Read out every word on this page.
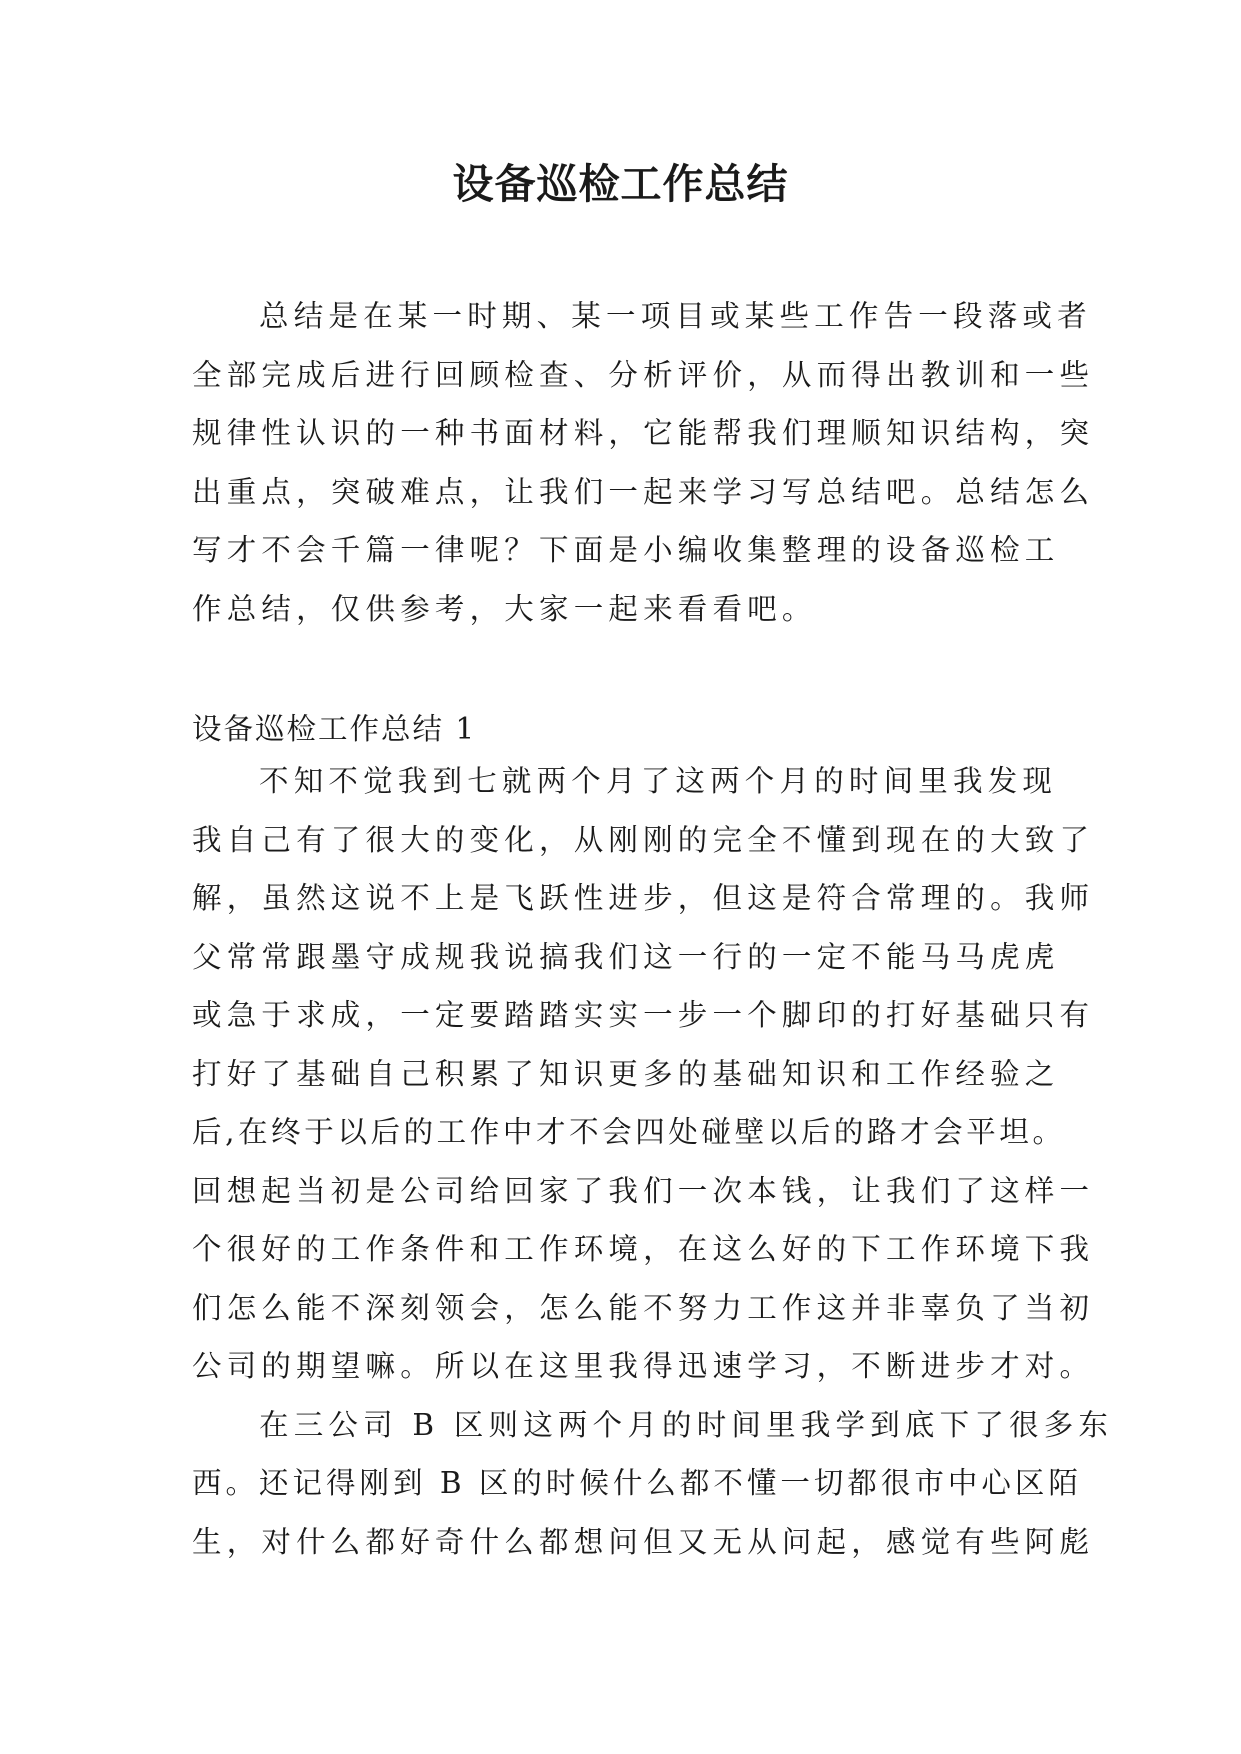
设备巡检工作总结
总结是在某一时期、某一项目或某些工作告一段落或者
全部完成后进行回顾检查、分析评价，从而得出教训和一些
规律性认识的一种书面材料，它能帮我们理顺知识结构，突
出重点，突破难点，让我们一起来学习写总结吧。总结怎么
写才不会千篇一律呢？下面是小编收集整理的设备巡检工
作总结，仅供参考，大家一起来看看吧。
设备巡检工作总结 1
不知不觉我到七就两个月了这两个月的时间里我发现
我自己有了很大的变化，从刚刚的完全不懂到现在的大致了
解，虽然这说不上是飞跃性进步，但这是符合常理的。我师
父常常跟墨守成规我说搞我们这一行的一定不能马马虎虎
或急于求成，一定要踏踏实实一步一个脚印的打好基础只有
打好了基础自己积累了知识更多的基础知识和工作经验之
后,在终于以后的工作中才不会四处碰壁以后的路才会平坦。
回想起当初是公司给回家了我们一次本钱，让我们了这样一
个很好的工作条件和工作环境，在这么好的下工作环境下我
们怎么能不深刻领会，怎么能不努力工作这并非辜负了当初
公司的期望嘛。所以在这里我得迅速学习，不断进步才对。
在三公司 B 区则这两个月的时间里我学到底下了很多东
西。还记得刚到 B 区的时候什么都不懂一切都很市中心区陌
生，对什么都好奇什么都想问但又无从问起，感觉有些阿彪
